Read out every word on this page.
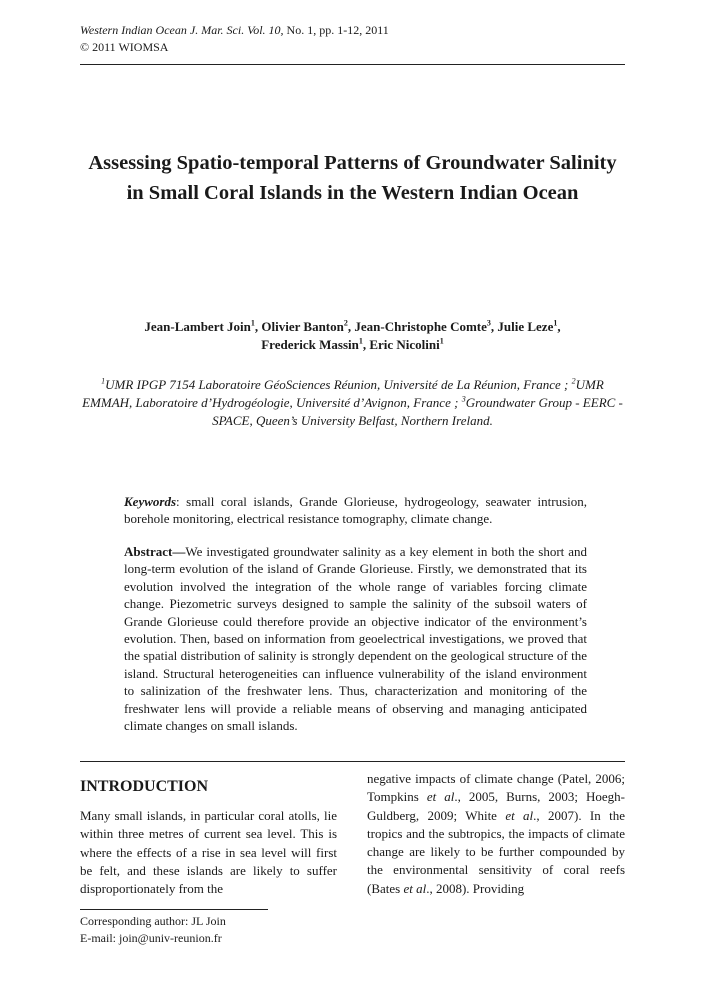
Western Indian Ocean J. Mar. Sci. Vol. 10, No. 1, pp. 1-12, 2011
© 2011 WIOMSA
Assessing Spatio-temporal Patterns of Groundwater Salinity in Small Coral Islands in the Western Indian Ocean
Jean-Lambert Join$^1$, Olivier Banton$^2$, Jean-Christophe Comte$^3$, Julie Leze$^1$,
Frederick Massin$^1$, Eric Nicolini$^1$
$^1$UMR IPGP 7154 Laboratoire GéoSciences Réunion, Université de La Réunion, France ; $^2$UMR EMMAH, Laboratoire d’Hydrogéologie, Université d’Avignon, France ; $^3$Groundwater Group - EERC - SPACE, Queen’s University Belfast, Northern Ireland.
Keywords: small coral islands, Grande Glorieuse, hydrogeology, seawater intrusion, borehole monitoring, electrical resistance tomography, climate change.
Abstract—We investigated groundwater salinity as a key element in both the short and long-term evolution of the island of Grande Glorieuse. Firstly, we demonstrated that its evolution involved the integration of the whole range of variables forcing climate change. Piezometric surveys designed to sample the salinity of the subsoil waters of Grande Glorieuse could therefore provide an objective indicator of the environment’s evolution. Then, based on information from geoelectrical investigations, we proved that the spatial distribution of salinity is strongly dependent on the geological structure of the island. Structural heterogeneities can influence vulnerability of the island environment to salinization of the freshwater lens. Thus, characterization and monitoring of the freshwater lens will provide a reliable means of observing and managing anticipated climate changes on small islands.
INTRODUCTION
Many small islands, in particular coral atolls, lie within three metres of current sea level. This is where the effects of a rise in sea level will first be felt, and these islands are likely to suffer disproportionately from the
negative impacts of climate change (Patel, 2006; Tompkins et al., 2005, Burns, 2003; Hoegh-Guldberg, 2009; White et al., 2007). In the tropics and the subtropics, the impacts of climate change are likely to be further compounded by the environmental sensitivity of coral reefs (Bates et al., 2008). Providing
Corresponding author: JL Join
E-mail: join@univ-reunion.fr
